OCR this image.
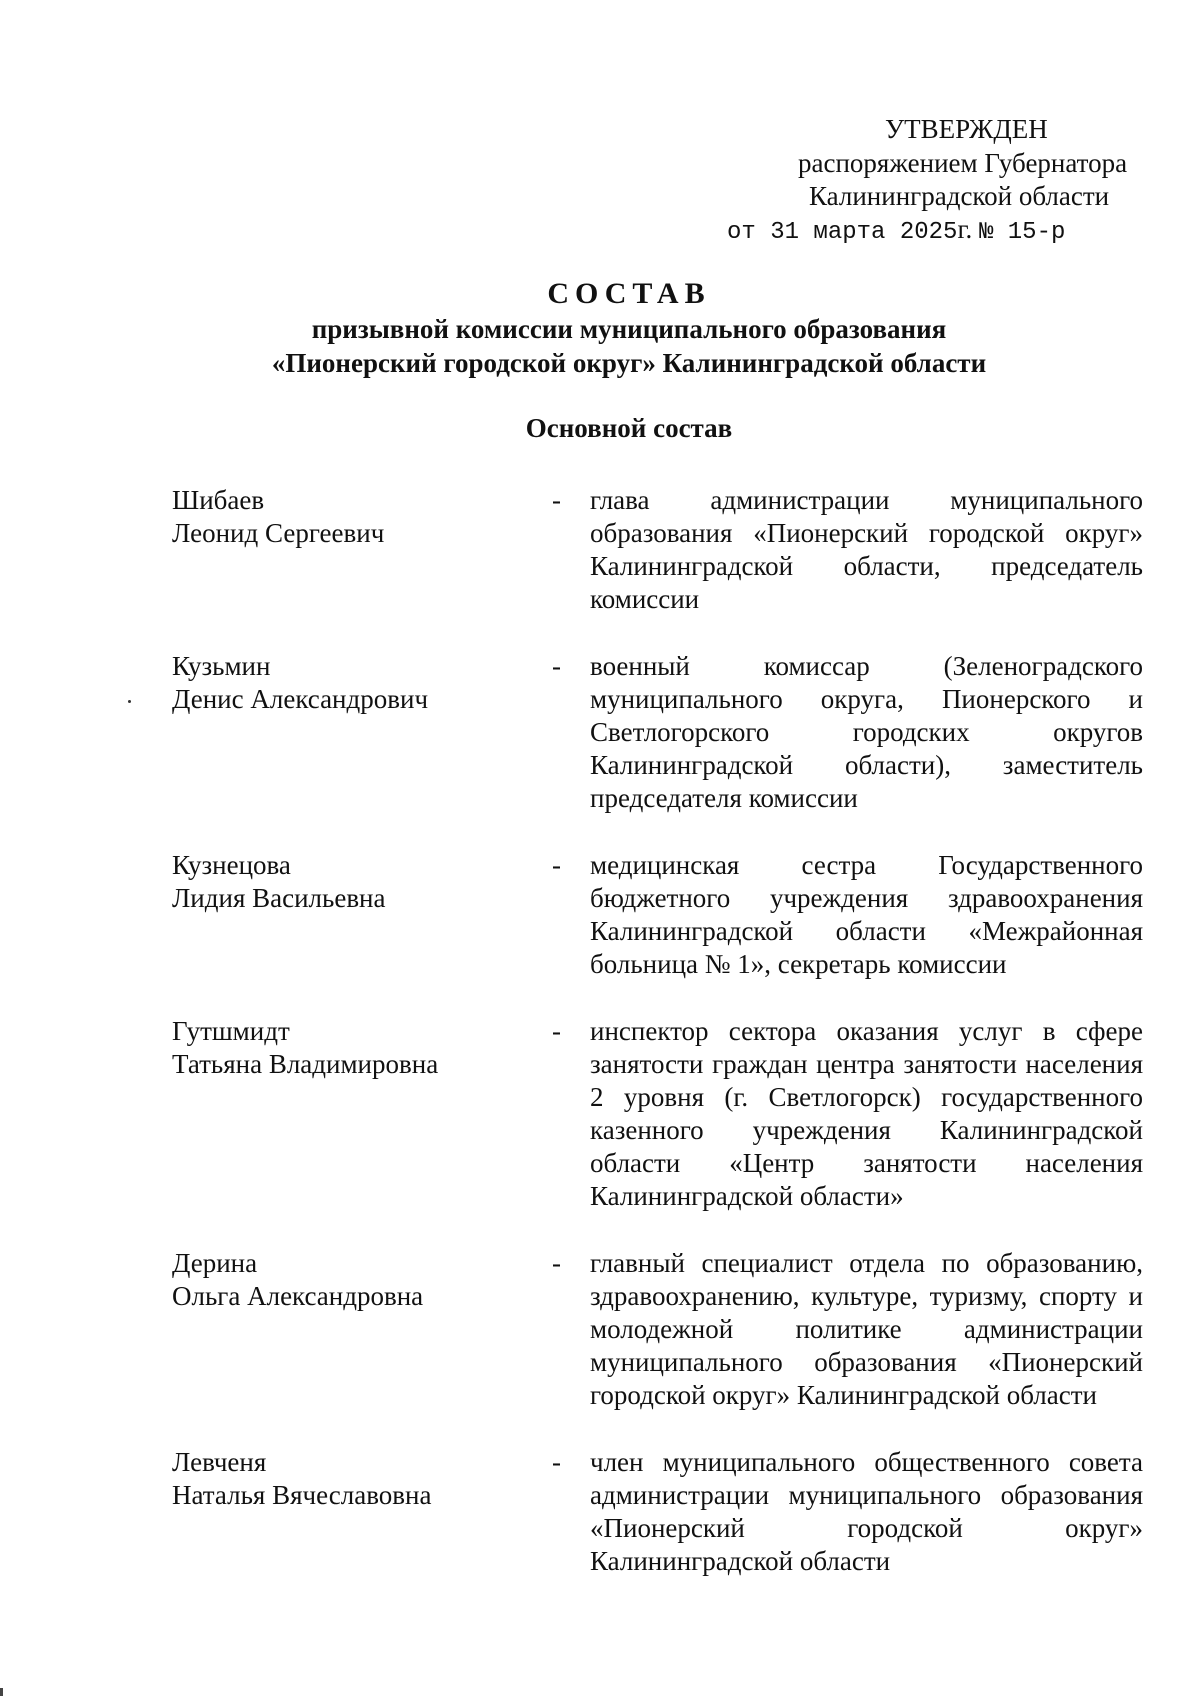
УТВЕРЖДЕН
распоряжением Губернатора
Калининградской области
от 31 марта 2025г. № 15-р
СОСТАВ
призывной комиссии муниципального образования
«Пионерский городской округ» Калининградской области
Основной состав
Шибаев
Леонид Сергеевич
-	глава администрации муниципального образования «Пионерский городской округ» Калининградской области, председатель комиссии
Кузьмин
Денис Александрович
-	военный комиссар (Зеленоградского муниципального округа, Пионерского и Светлогорского городских округов Калининградской области), заместитель председателя комиссии
Кузнецова
Лидия Васильевна
-	медицинская сестра Государственного бюджетного учреждения здравоохранения Калининградской области «Межрайонная больница № 1», секретарь комиссии
Гутшмидт
Татьяна Владимировна
-	инспектор сектора оказания услуг в сфере занятости граждан центра занятости населения 2 уровня (г. Светлогорск) государственного казенного учреждения Калининградской области «Центр занятости населения Калининградской области»
Дерина
Ольга Александровна
-	главный специалист отдела по образованию, здравоохранению, культуре, туризму, спорту и молодежной политике администрации муниципального образования «Пионерский городской округ» Калининградской области
Левченя
Наталья Вячеславовна
-	член муниципального общественного совета администрации муниципального образования «Пионерский городской округ» Калининградской области
